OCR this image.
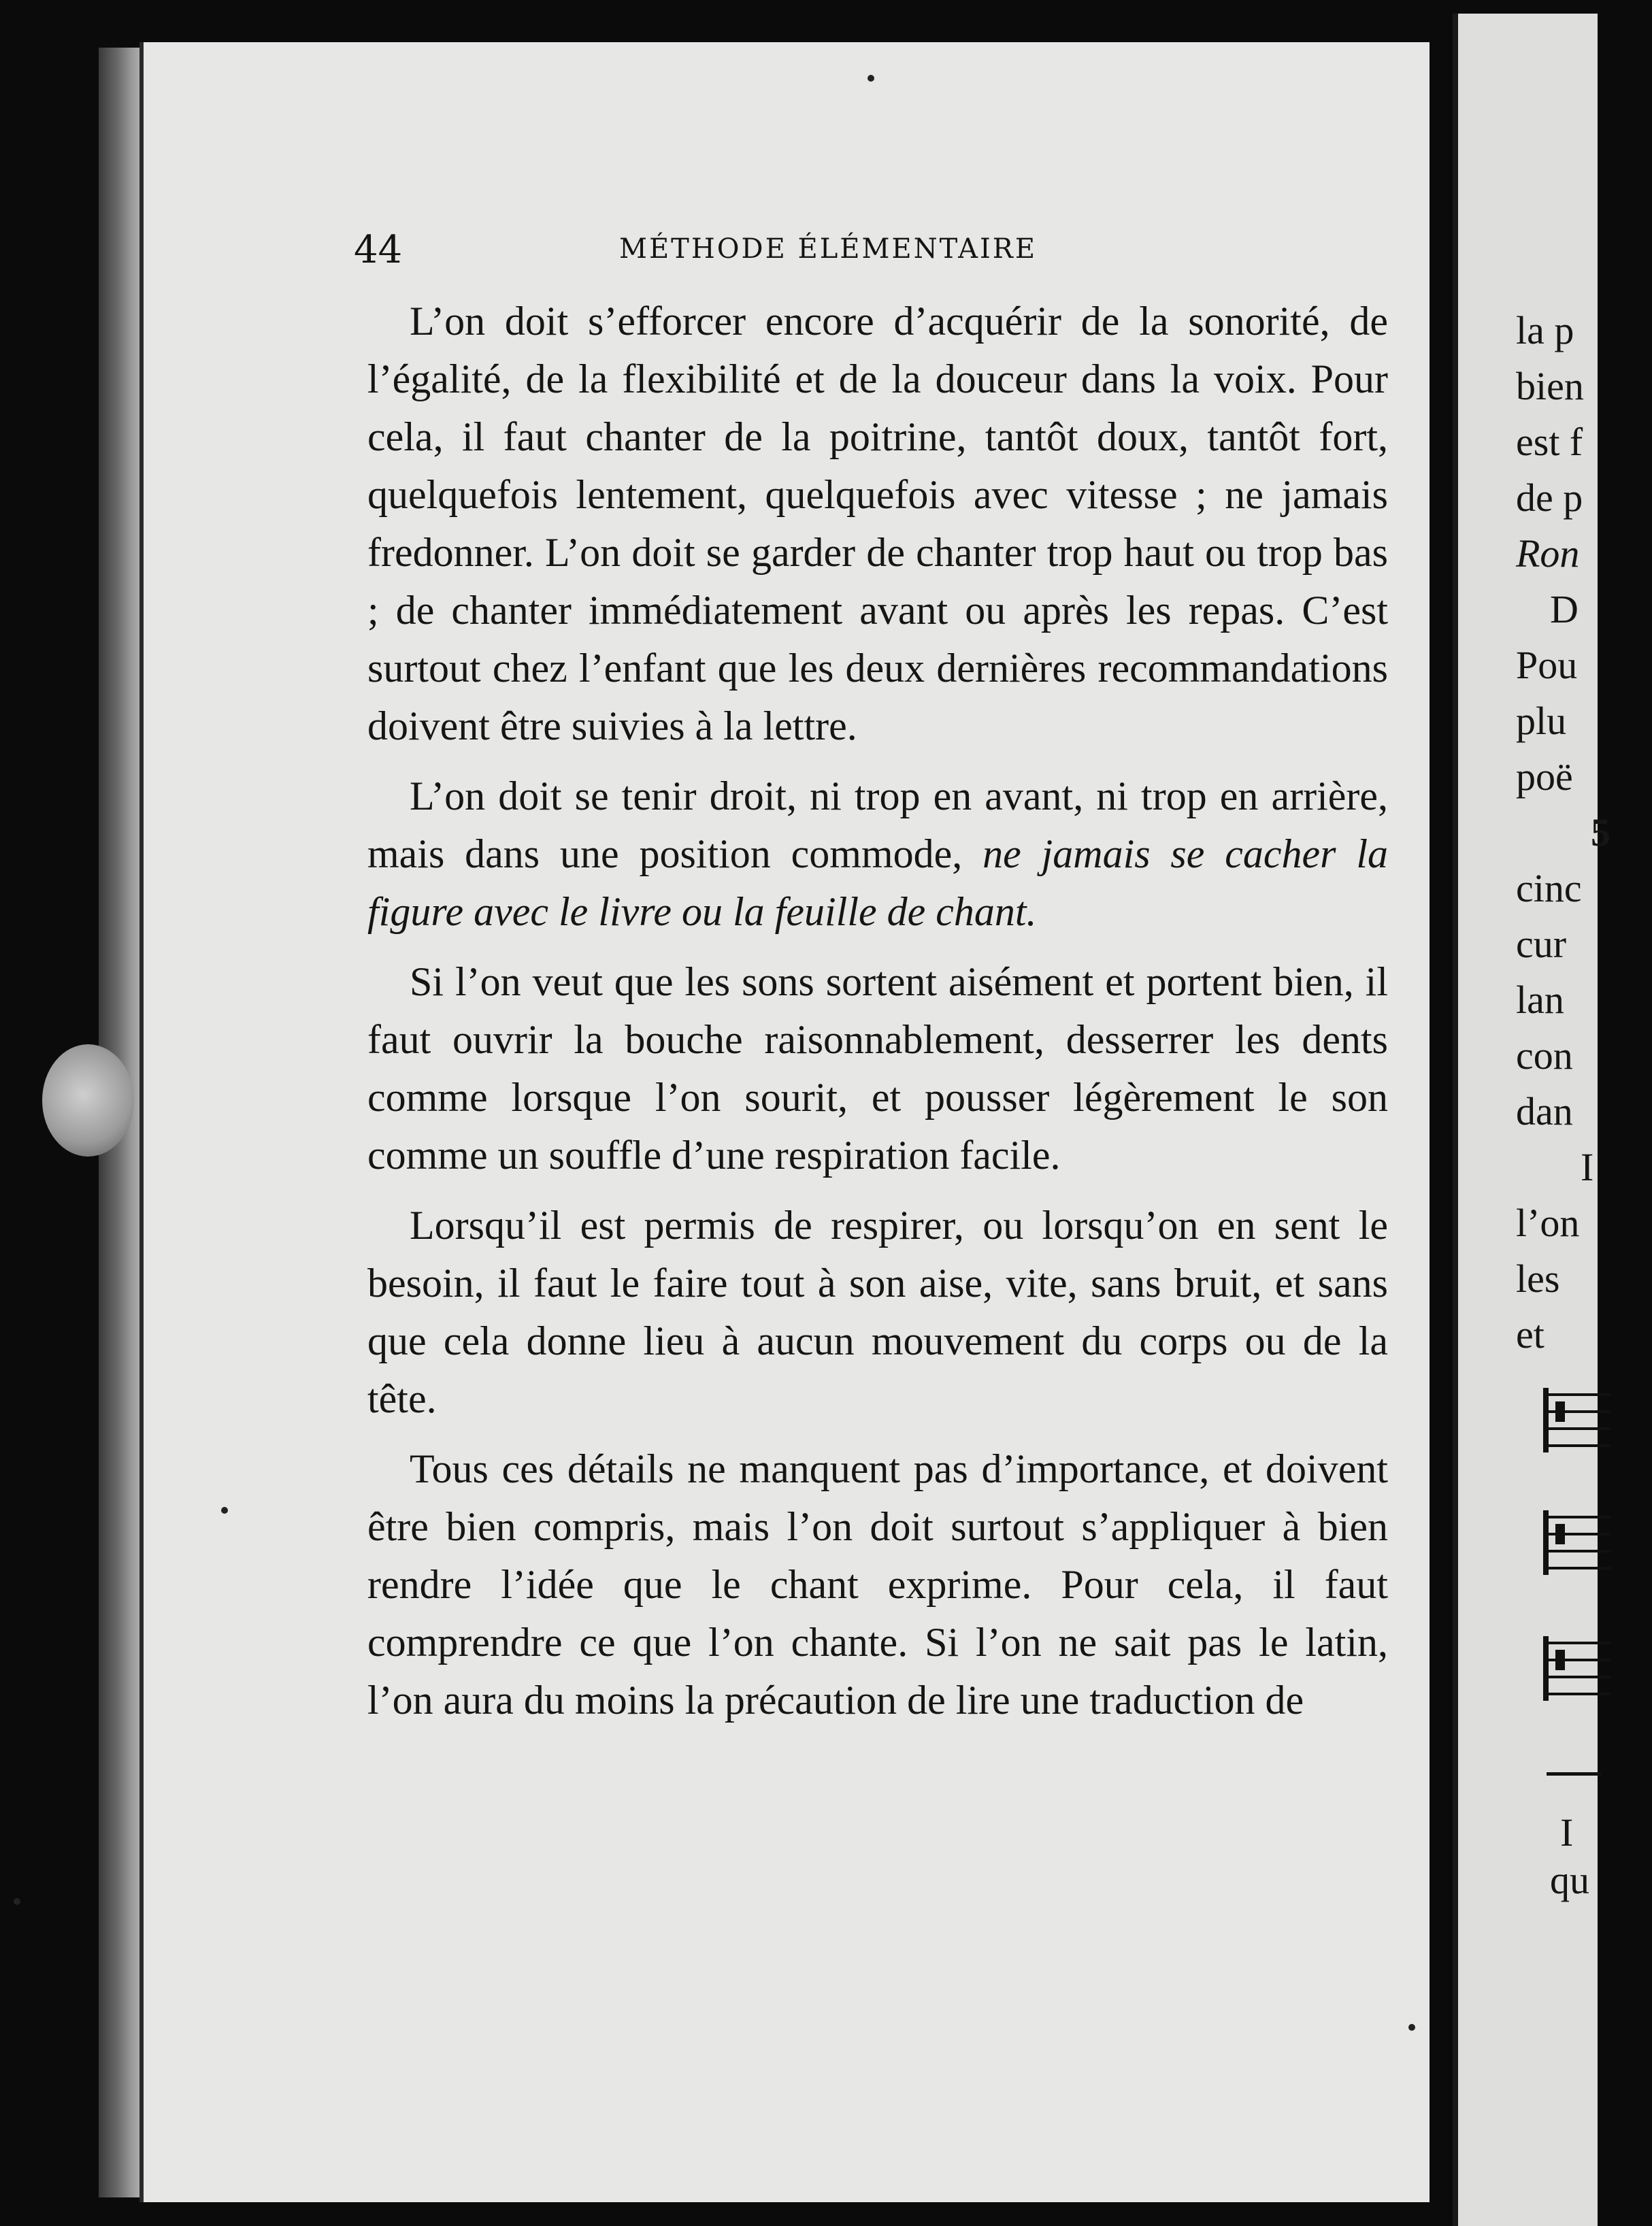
44	MÉTHODE ÉLÉMENTAIRE

L’on doit s’efforcer encore d’acquérir de la sonorité, de l’égalité, de la flexibilité et de la douceur dans la voix. Pour cela, il faut chanter de la poitrine, tantôt doux, tantôt fort, quelquefois lentement, quelquefois avec vitesse ; ne jamais fredonner. L’on doit se garder de chanter trop haut ou trop bas ; de chanter immédiatement avant ou après les repas. C’est surtout chez l’enfant que les deux dernières recommandations doivent être suivies à la lettre.

L’on doit se tenir droit, ni trop en avant, ni trop en arrière, mais dans une position commode, ne jamais se cacher la figure avec le livre ou la feuille de chant.

Si l’on veut que les sons sortent aisément et portent bien, il faut ouvrir la bouche raisonnablement, desserrer les dents comme lorsque l’on sourit, et pousser légèrement le son comme un souffle d’une respiration facile.

Lorsqu’il est permis de respirer, ou lorsqu’on en sent le besoin, il faut le faire tout à son aise, vite, sans bruit, et sans que cela donne lieu à aucun mouvement du corps ou de la tête.

Tous ces détails ne manquent pas d’importance, et doivent être bien compris, mais l’on doit surtout s’appliquer à bien rendre l’idée que le chant exprime. Pour cela, il faut comprendre ce que l’on chante. Si l’on ne sait pas le latin, l’on aura du moins la précaution de lire une traduction de

la p
bien
est f
de p
Ron
D
Pou
plu
poë
5
cinc
cur
lan
con
dan
I
l’on
les
et
I
qu
